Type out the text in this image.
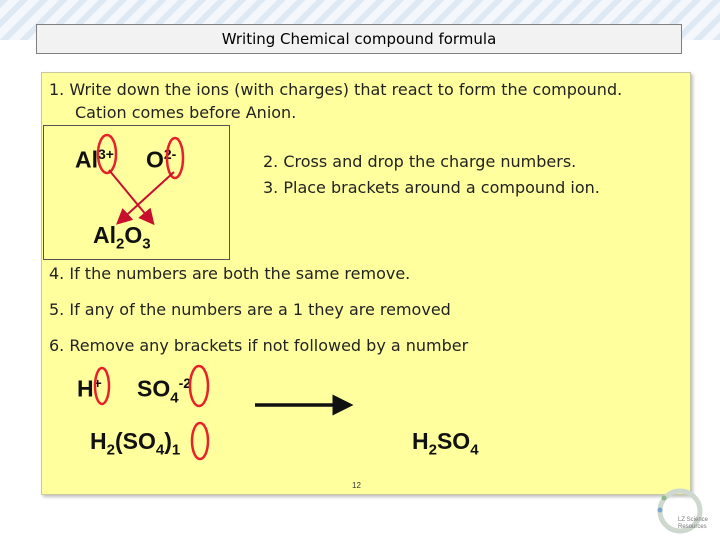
Writing Chemical compound formula
1. Write down the ions (with charges) that react to form the compound.
Cation comes before Anion.
$Al^{3+}$ $O^{2-}$	2. Cross and drop the charge numbers.
3. Place brackets around a compound ion.
$Al_2O_3$
4. If the numbers are both the same remove.
5. If any of the numbers are a 1 they are removed
6. Remove any brackets if not followed by a number
H+ $SO_4^{-2}$
$H_2(SO_4)_1$	$H_2SO_4$
12
LZ Science Resources
